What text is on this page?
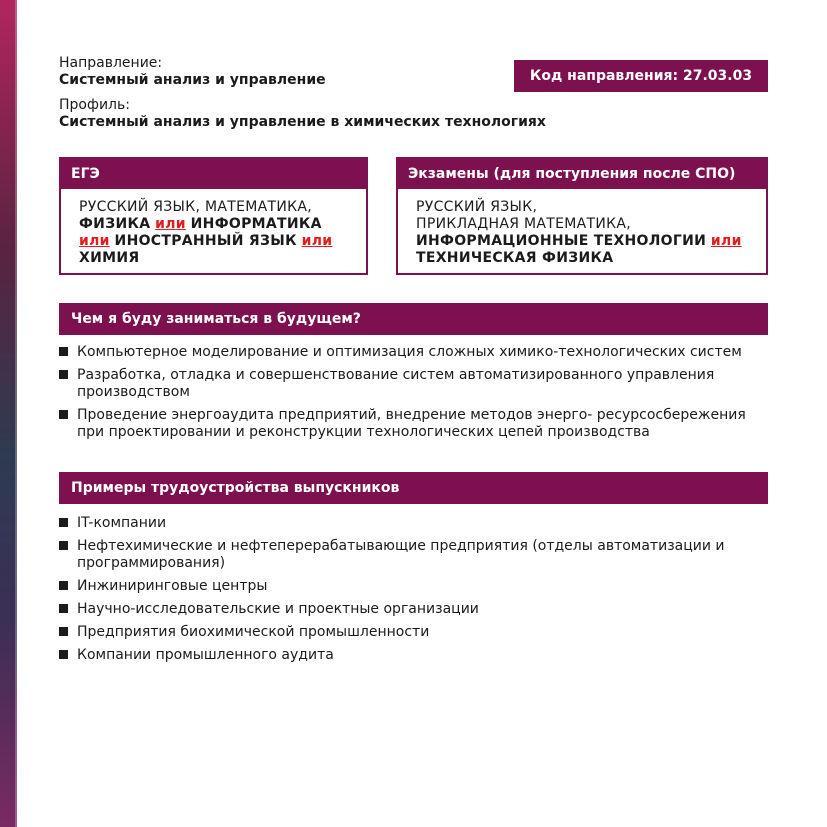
Направление:
Системный анализ и управление
Профиль:
Системный анализ и управление в химических технологиях
Код направления: 27.03.03
ЕГЭ
РУССКИЙ ЯЗЫК, МАТЕМАТИКА,
ФИЗИКА или ИНФОРМАТИКА
или ИНОСТРАННЫЙ ЯЗЫК или
ХИМИЯ
Экзамены (для поступления после СПО)
РУССКИЙ ЯЗЫК,
ПРИКЛАДНАЯ МАТЕМАТИКА,
ИНФОРМАЦИОННЫЕ ТЕХНОЛОГИИ или
ТЕХНИЧЕСКАЯ ФИЗИКА
Чем я буду заниматься в будущем?
Компьютерное моделирование и оптимизация сложных химико-технологических систем
Разработка, отладка и совершенствование систем автоматизированного управления производством
Проведение энергоаудита предприятий, внедрение методов энерго- ресурсосбережения при проектировании и реконструкции технологических цепей производства
Примеры трудоустройства выпускников
IT-компании
Нефтехимические и нефтеперерабатывающие предприятия (отделы автоматизации и программирования)
Инжиниринговые центры
Научно-исследовательские и проектные организации
Предприятия биохимической промышленности
Компании промышленного аудита
